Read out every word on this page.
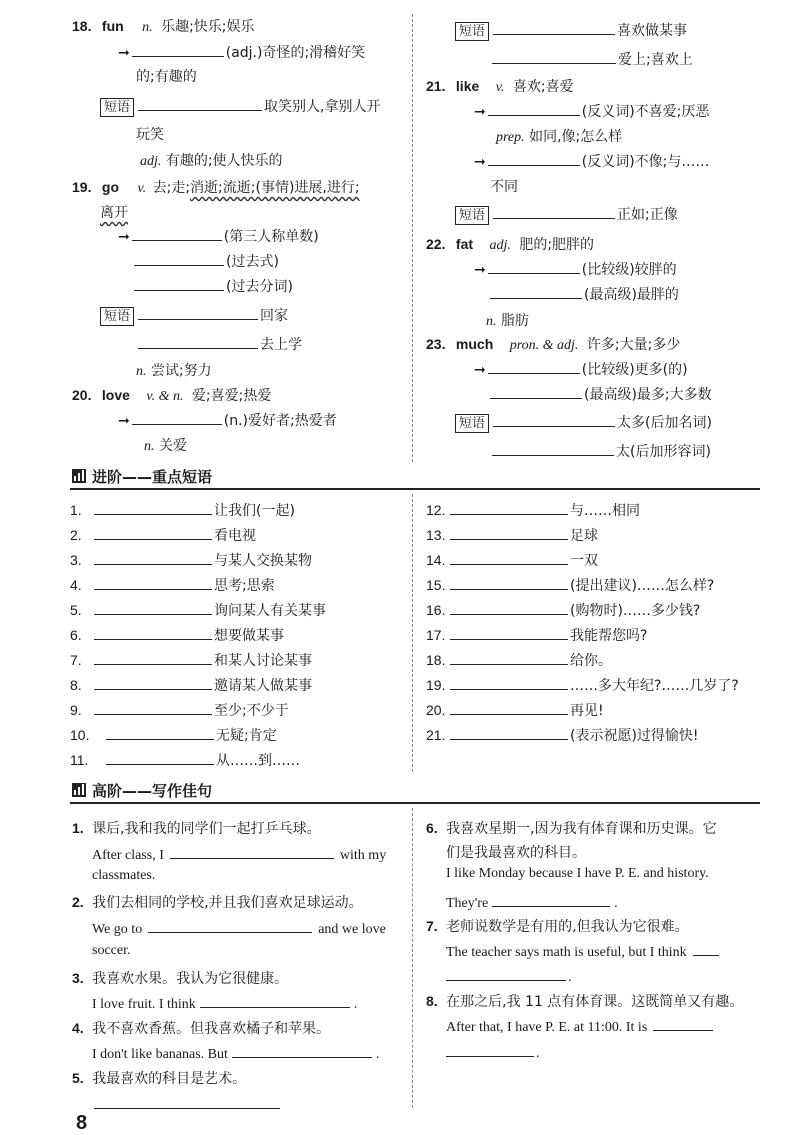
18. fun n. 乐趣;快乐;娱乐
➞	(adj.)奇怪的;滑稽好笑
的;有趣的
短语	取笑别人,拿别人开
玩笑
adj. 有趣的;使人快乐的
19. go v. 去;走;消逝;流逝;(事情)进展,进行;
离开
➞	(第三人称单数)
(过去式)
(过去分词)
短语	回家
去上学
n. 尝试;努力
20. love v. & n. 爱;喜爱;热爱
➞	(n.)爱好者;热爱者
n. 关爱
短语	喜欢做某事
爱上;喜欢上
21. like v. 喜欢;喜爱
➞	(反义词)不喜爱;厌恶
prep. 如同,像;怎么样
➞	(反义词)不像;与……
不同
短语	正如;正像
22. fat adj. 肥的;肥胖的
➞	(比较级)较胖的
(最高级)最胖的
n. 脂肪
23. much pron. & adj. 许多;大量;多少
➞	(比较级)更多(的)
(最高级)最多;大多数
短语	太多(后加名词)
太(后加形容词)
进阶——重点短语
1.	让我们(一起)
2.	看电视
3.	与某人交换某物
4.	思考;思索
5.	询问某人有关某事
6.	想要做某事
7.	和某人讨论某事
8.	邀请某人做某事
9.	至少;不少于
10.	无疑;肯定
11.	从……到……
12.	与……相同
13.	足球
14.	一双
15.	(提出建议)……怎么样?
16.	(购物时)……多少钱?
17.	我能帮您吗?
18.	给你。
19.	……多大年纪?……几岁了?
20.	再见!
21.	(表示祝愿)过得愉快!
高阶——写作佳句
1. 课后,我和我的同学们一起打乒乓球。
After class, I	with my
classmates.
2. 我们去相同的学校,并且我们喜欢足球运动。
We go to	and we love
soccer.
3. 我喜欢水果。我认为它很健康。
I love fruit. I think	.
4. 我不喜欢香蕉。但我喜欢橘子和苹果。
I don't like bananas. But	.
5. 我最喜欢的科目是艺术。
6. 我喜欢星期一,因为我有体育课和历史课。它
们是我最喜欢的科目。
I like Monday because I have P. E. and history.
They're	.
7. 老师说数学是有用的,但我认为它很难。
The teacher says math is useful, but I think
.
8. 在那之后,我 11 点有体育课。这既简单又有趣。
After that, I have P. E. at 11:00. It is
.
8
